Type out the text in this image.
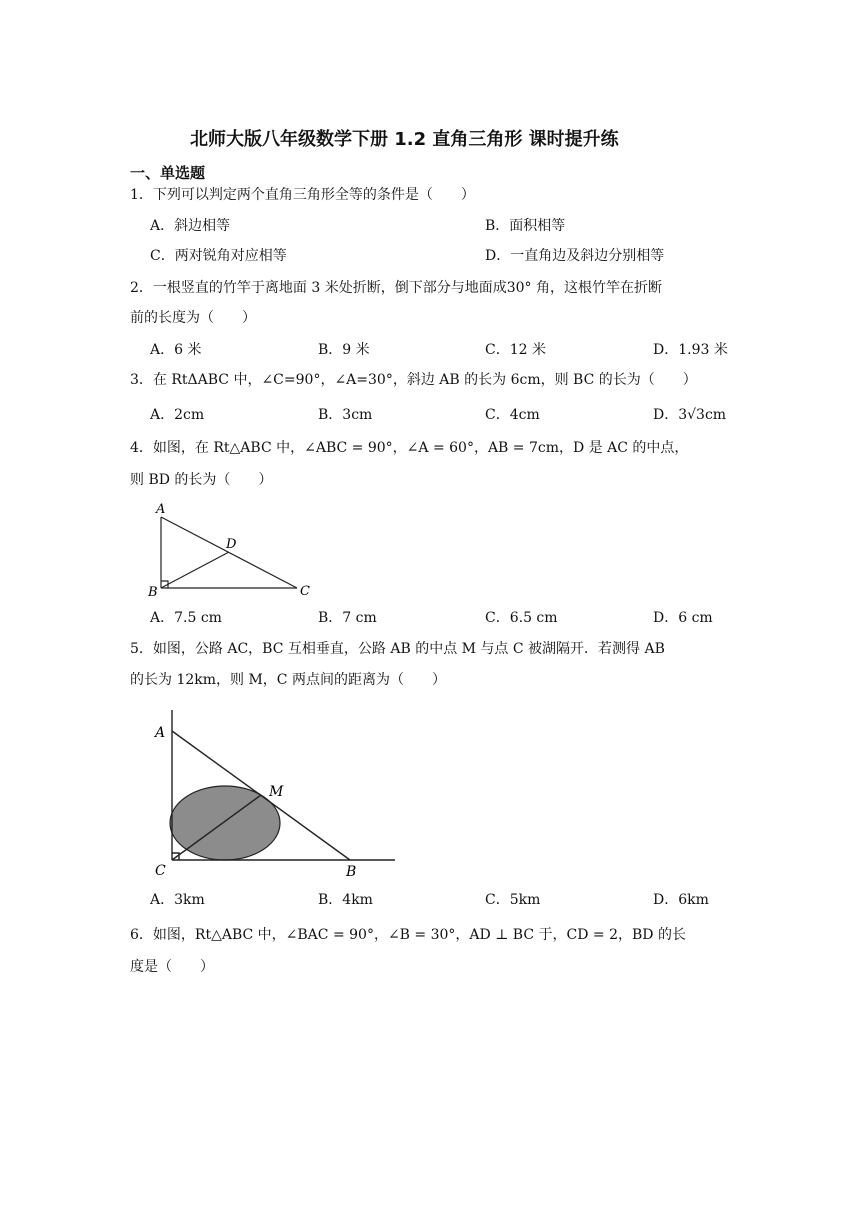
北师大版八年级数学下册 1.2 直角三角形 课时提升练
一、单选题
1．下列可以判定两个直角三角形全等的条件是（　　）
A．斜边相等	B．面积相等
C．两对锐角对应相等	D．一直角边及斜边分别相等
2．一根竖直的竹竿于离地面 3 米处折断，倒下部分与地面成30° 角，这根竹竿在折断
前的长度为（　　）
A．6 米	B．9 米	C．12 米	D．1.93 米
3．在 RtΔABC 中，∠C=90°，∠A=30°，斜边 AB 的长为 6cm，则 BC 的长为（　　）
A．2cm	B．3cm	C．4cm	D．3√3cm
4．如图，在 Rt△ABC 中，∠ABC = 90°，∠A = 60°，AB = 7cm，D 是 AC 的中点，
则 BD 的长为（　　）
A
D
B	C
A．7.5 cm	B．7 cm	C．6.5 cm	D．6 cm
5．如图，公路 AC，BC 互相垂直，公路 AB 的中点 M 与点 C 被湖隔开．若测得 AB
的长为 12km，则 M，C 两点间的距离为（　　）
A
M
C	B
A．3km	B．4km	C．5km	D．6km
6．如图，Rt△ABC 中，∠BAC = 90°，∠B = 30°，AD ⊥ BC 于，CD = 2，BD 的长
度是（　　）
